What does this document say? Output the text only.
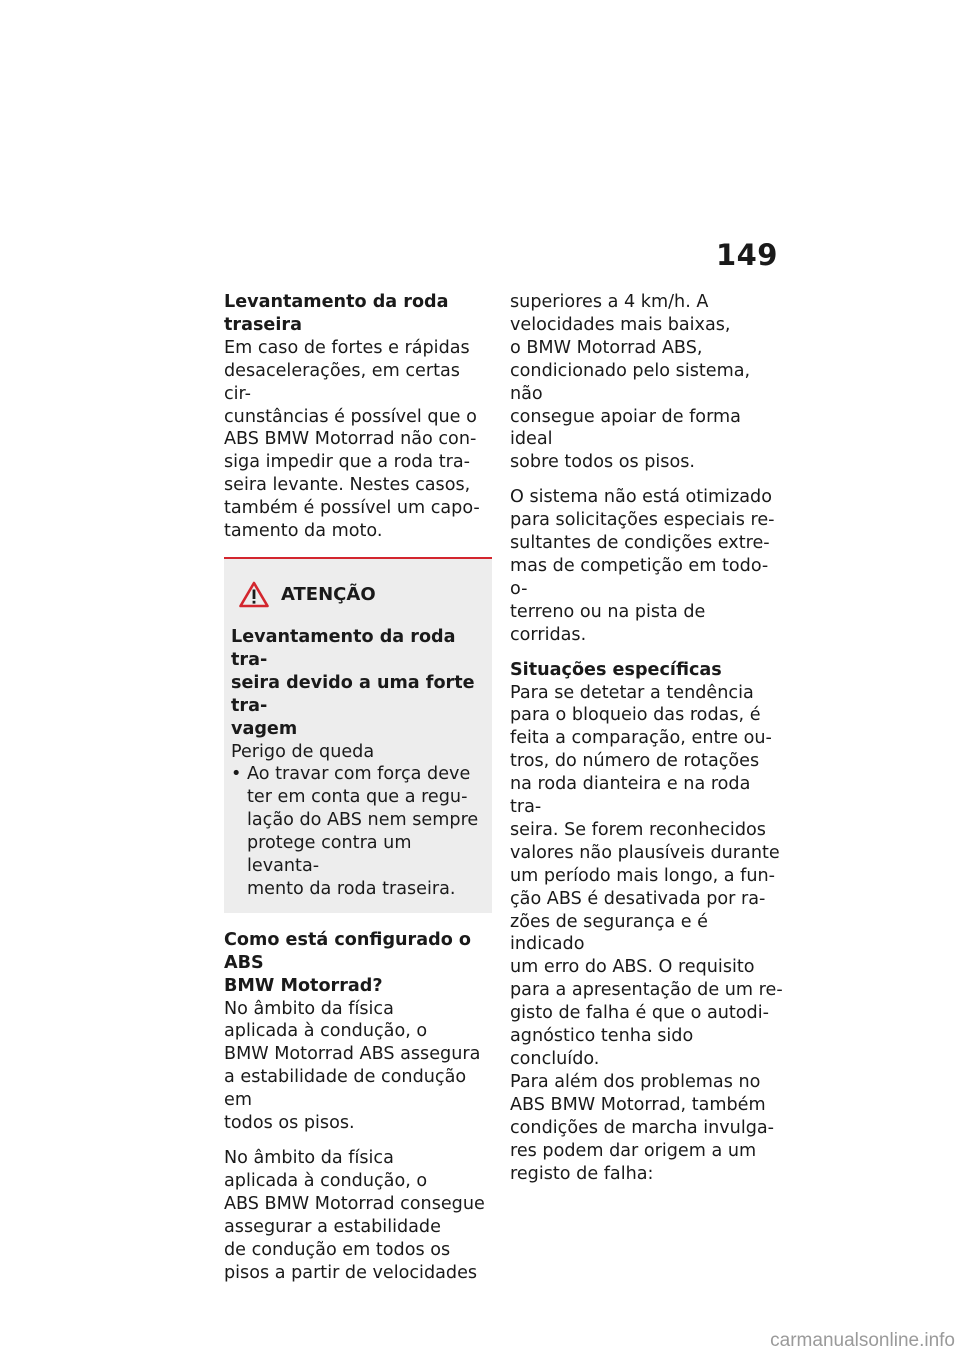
149
Levantamento da roda
traseira
Em caso de fortes e rápidas
desacelerações, em certas cir-
cunstâncias é possível que o
ABS BMW Motorrad não con-
siga impedir que a roda tra-
seira levante. Nestes casos,
também é possível um capo-
tamento da moto.
ATENÇÃO
Levantamento da roda tra-
seira devido a uma forte tra-
vagem
Perigo de queda
• Ao travar com força deve
ter em conta que a regu-
lação do ABS nem sempre
protege contra um levanta-
mento da roda traseira.
Como está configurado o ABS
BMW Motorrad?
No âmbito da física
aplicada à condução, o
BMW Motorrad ABS assegura
a estabilidade de condução em
todos os pisos.
No âmbito da física
aplicada à condução, o
ABS BMW Motorrad consegue
assegurar a estabilidade
de condução em todos os
pisos a partir de velocidades
superiores a 4 km/h. A
velocidades mais baixas,
o BMW Motorrad ABS,
condicionado pelo sistema, não
consegue apoiar de forma ideal
sobre todos os pisos.
O sistema não está otimizado
para solicitações especiais re-
sultantes de condições extre-
mas de competição em todo-o-
terreno ou na pista de corridas.
Situações específicas
Para se detetar a tendência
para o bloqueio das rodas, é
feita a comparação, entre ou-
tros, do número de rotações
na roda dianteira e na roda tra-
seira. Se forem reconhecidos
valores não plausíveis durante
um período mais longo, a fun-
ção ABS é desativada por ra-
zões de segurança e é indicado
um erro do ABS. O requisito
para a apresentação de um re-
gisto de falha é que o autodi-
agnóstico tenha sido concluído.
Para além dos problemas no
ABS BMW Motorrad, também
condições de marcha invulga-
res podem dar origem a um
registo de falha:
carmanualsonline.info
